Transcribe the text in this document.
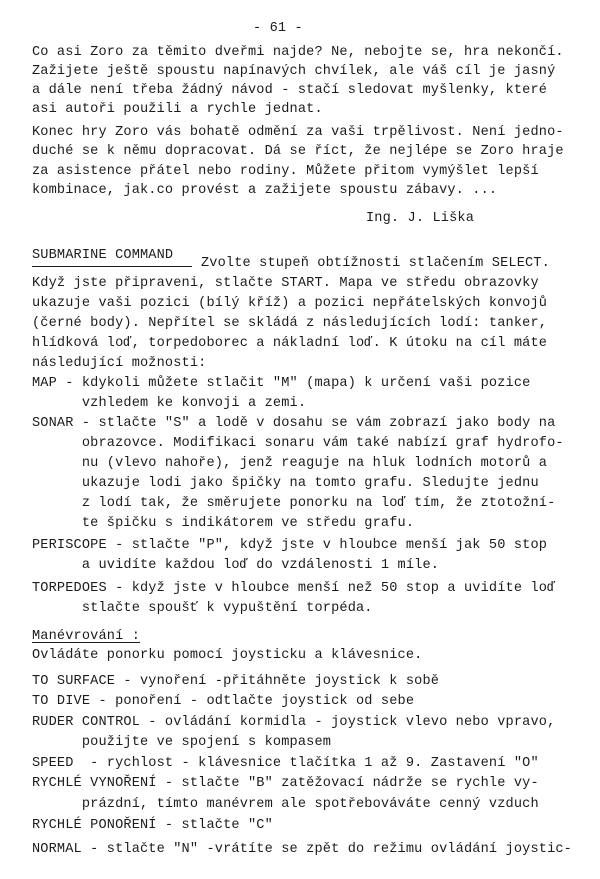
- 61 -
Co asi Zoro za těmito dveřmi najde? Ne, nebojte se, hra nekončí.
Zažijete ještě spoustu napínavých chvílek, ale váš cíl je jasný
a dále není třeba žádný návod - stačí sledovat myšlenky, které
asi autoři použili a rychle jednat.
Konec hry Zoro vás bohatě odmění za vaši trpělivost. Není jedno-
duché se k němu dopracovat. Dá se říct, že nejlépe se Zoro hraje
za asistence přátel nebo rodiny. Můžete přitom vymýšlet lepší
kombinace, jak.co provést a zažijete spoustu zábavy. ...
Ing. J. Liška
SUBMARINE COMMAND
Zvolte stupeň obtížnosti stlačením SELECT.
Když jste připraveni, stlačte START. Mapa ve středu obrazovky
ukazuje vaši pozici (bílý kříž) a pozici nepřátelských konvojů
(černé body). Nepřítel se skládá z následujících lodí: tanker,
hlídková loď, torpedoborec a nákladní loď. K útoku na cíl máte
následující možnosti:
MAP - kdykoli můžete stlačit "M" (mapa) k určení vaši pozice
vzhledem ke konvoji a zemi.
SONAR - stlačte "S" a lodě v dosahu se vám zobrazí jako body na
obrazovce. Modifikaci sonaru vám také nabízí graf hydrofo-
nu (vlevo nahoře), jenž reaguje na hluk lodních motorů a
ukazuje lodi jako špičky na tomto grafu. Sledujte jednu
z lodí tak, že směrujete ponorku na loď tím, že ztotožní-
te špičku s indikátorem ve středu grafu.
PERISCOPE - stlačte "P", když jste v hloubce menší jak 50 stop
a uvidíte každou loď do vzdálenosti 1 míle.
TORPEDOES - když jste v hloubce menší než 50 stop a uvidíte loď
stlačte spoušť k vypuštění torpéda.
Manévrování :
Ovládáte ponorku pomocí joysticku a klávesnice.
TO SURFACE - vynoření -přitáhněte joystick k sobě
TO DIVE - ponoření - odtlačte joystick od sebe
RUDER CONTROL - ovládání kormidla - joystick vlevo nebo vpravo,
použijte ve spojení s kompasem
SPEED  - rychlost - klávesnice tlačítka 1 až 9. Zastavení "O"
RYCHLÉ VYNOŘENÍ - stlačte "B" zatěžovací nádrže se rychle vy-
prázdní, tímto manévrem ale spotřebováváte cenný vzduch
RYCHLÉ PONOŘENÍ - stlačte "C"
NORMAL - stlačte "N" -vrátíte se zpět do režimu ovládání joystic-
